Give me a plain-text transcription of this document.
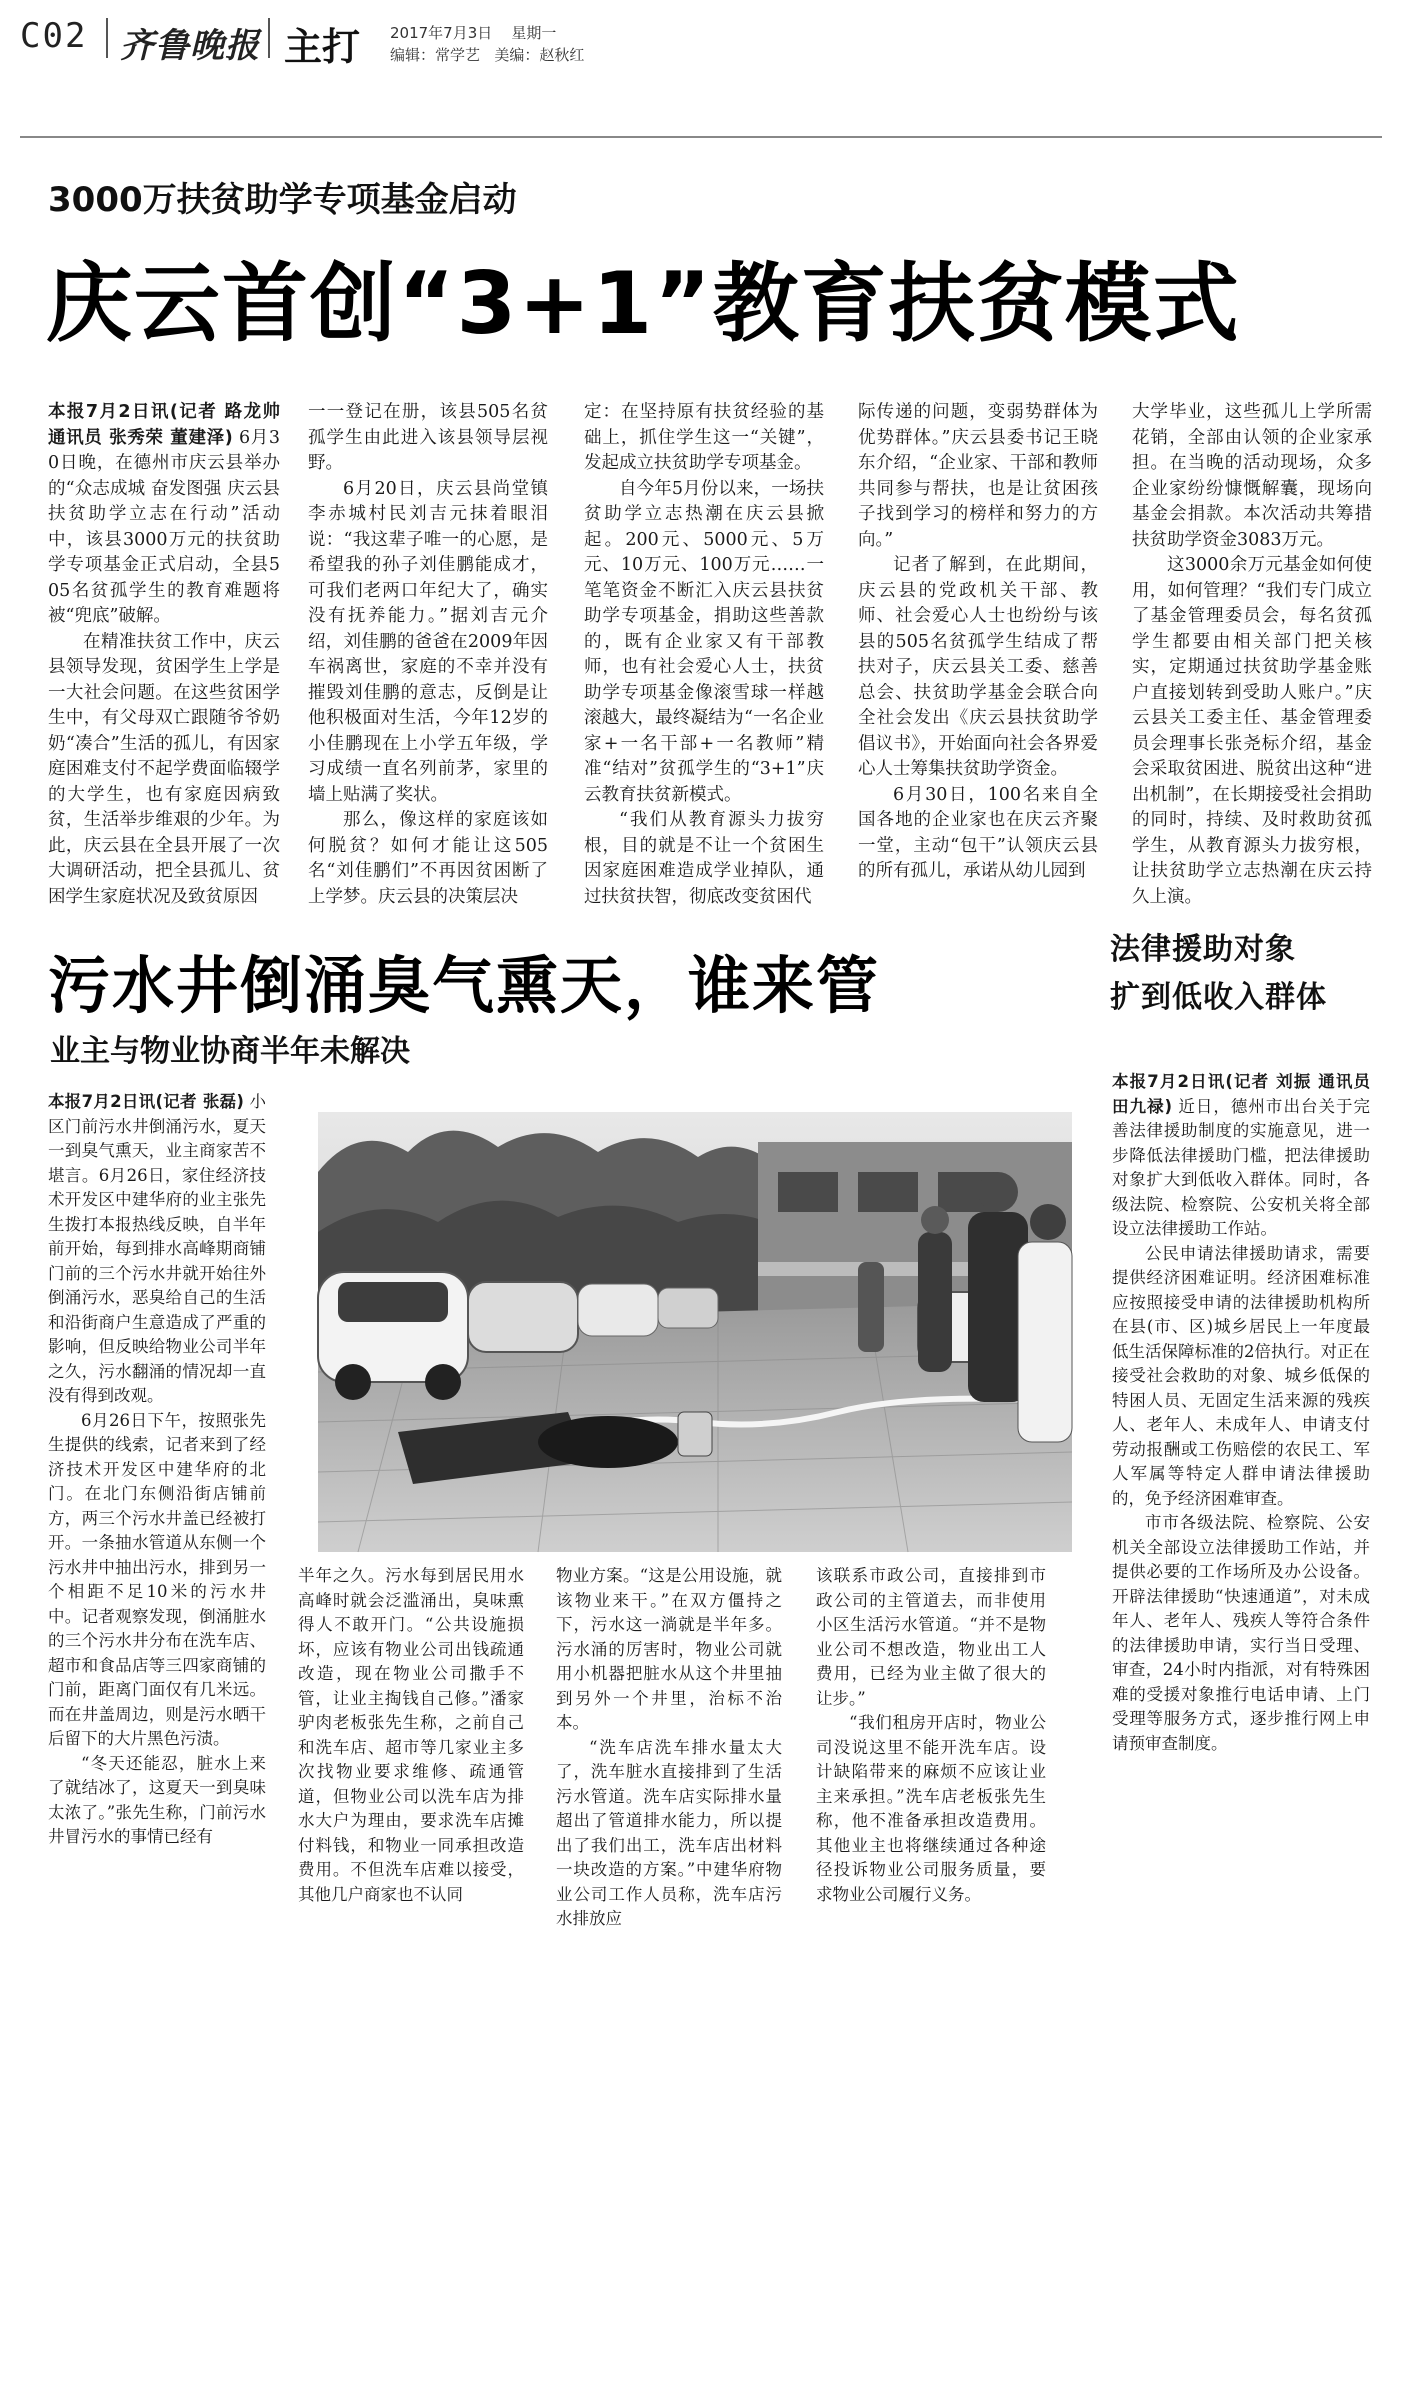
C02 齐鲁晚报 主打 2017年7月3日 星期一
编辑：常学艺 美编：赵秋红
3000万扶贫助学专项基金启动
庆云首创“3+1”教育扶贫模式

本报7月2日讯(记者 路龙帅 通讯员 张秀荣 董建泽) 6月30日晚，在德州市庆云县举办的“众志成城 奋发图强 庆云县扶贫助学立志在行动”活动中，该县3000万元的扶贫助学专项基金正式启动，全县505名贫孤学生的教育难题将被“兜底”破解。

在精准扶贫工作中，庆云县领导发现，贫困学生上学是一大社会问题。在这些贫困学生中，有父母双亡跟随爷爷奶奶“凑合”生活的孤儿，有因家庭困难支付不起学费面临辍学的大学生，也有家庭因病致贫，生活举步维艰的少年。为此，庆云县在全县开展了一次大调研活动，把全县孤儿、贫困学生家庭状况及致贫原因

一一登记在册，该县505名贫孤学生由此进入该县领导层视野。

6月20日，庆云县尚堂镇李赤城村民刘吉元抹着眼泪说：“我这辈子唯一的心愿，是希望我的孙子刘佳鹏能成才，可我们老两口年纪大了，确实没有抚养能力。”据刘吉元介绍，刘佳鹏的爸爸在2009年因车祸离世，家庭的不幸并没有摧毁刘佳鹏的意志，反倒是让他积极面对生活，今年12岁的小佳鹏现在上小学五年级，学习成绩一直名列前茅，家里的墙上贴满了奖状。

那么，像这样的家庭该如何脱贫？如何才能让这505名“刘佳鹏们”不再因贫困断了上学梦。庆云县的决策层决

定：在坚持原有扶贫经验的基础上，抓住学生这一“关键”，发起成立扶贫助学专项基金。

自今年5月份以来，一场扶贫助学立志热潮在庆云县掀起。200元、5000元、5万元、10万元、100万元……一笔笔资金不断汇入庆云县扶贫助学专项基金，捐助这些善款的，既有企业家又有干部教师，也有社会爱心人士，扶贫助学专项基金像滚雪球一样越滚越大，最终凝结为“一名企业家+一名干部+一名教师”精准“结对”贫孤学生的“3+1”庆云教育扶贫新模式。

“我们从教育源头力拔穷根，目的就是不让一个贫困生因家庭困难造成学业掉队，通过扶贫扶智，彻底改变贫困代

际传递的问题，变弱势群体为优势群体。”庆云县委书记王晓东介绍，“企业家、干部和教师共同参与帮扶，也是让贫困孩子找到学习的榜样和努力的方向。”

记者了解到，在此期间，庆云县的党政机关干部、教师、社会爱心人士也纷纷与该县的505名贫孤学生结成了帮扶对子，庆云县关工委、慈善总会、扶贫助学基金会联合向全社会发出《庆云县扶贫助学倡议书》，开始面向社会各界爱心人士筹集扶贫助学资金。

6月30日，100名来自全国各地的企业家也在庆云齐聚一堂，主动“包干”认领庆云县的所有孤儿，承诺从幼儿园到

大学毕业，这些孤儿上学所需花销，全部由认领的企业家承担。在当晚的活动现场，众多企业家纷纷慷慨解囊，现场向基金会捐款。本次活动共筹措扶贫助学资金3083万元。

这3000余万元基金如何使用，如何管理？“我们专门成立了基金管理委员会，每名贫孤学生都要由相关部门把关核实，定期通过扶贫助学基金账户直接划转到受助人账户。”庆云县关工委主任、基金管理委员会理事长张尧标介绍，基金会采取贫困进、脱贫出这种“进出机制”，在长期接受社会捐助的同时，持续、及时救助贫孤学生，从教育源头力拔穷根，让扶贫助学立志热潮在庆云持久上演。

污水井倒涌臭气熏天，谁来管
业主与物业协商半年未解决

本报7月2日讯(记者 张磊) 小区门前污水井倒涌污水，夏天一到臭气熏天，业主商家苦不堪言。6月26日，家住经济技术开发区中建华府的业主张先生拨打本报热线反映，自半年前开始，每到排水高峰期商铺门前的三个污水井就开始往外倒涌污水，恶臭给自己的生活和沿街商户生意造成了严重的影响，但反映给物业公司半年之久，污水翻涌的情况却一直没有得到改观。

6月26日下午，按照张先生提供的线索，记者来到了经济技术开发区中建华府的北门。在北门东侧沿街店铺前方，两三个污水井盖已经被打开。一条抽水管道从东侧一个污水井中抽出污水，排到另一个相距不足10米的污水井中。记者观察发现，倒涌脏水的三个污水井分布在洗车店、超市和食品店等三四家商铺的门前，距离门面仅有几米远。而在井盖周边，则是污水晒干后留下的大片黑色污渍。

“冬天还能忍，脏水上来了就结冰了，这夏天一到臭味太浓了。”张先生称，门前污水井冒污水的事情已经有

半年之久。污水每到居民用水高峰时就会泛滥涌出，臭味熏得人不敢开门。“公共设施损坏，应该有物业公司出钱疏通改造，现在物业公司撒手不管，让业主掏钱自己修。”潘家驴肉老板张先生称，之前自己和洗车店、超市等几家业主多次找物业要求维修、疏通管道，但物业公司以洗车店为排水大户为理由，要求洗车店摊付料钱，和物业一同承担改造费用。不但洗车店难以接受，其他几户商家也不认同

物业方案。“这是公用设施，就该物业来干。”在双方僵持之下，污水这一淌就是半年多。污水涌的厉害时，物业公司就用小机器把脏水从这个井里抽到另外一个井里，治标不治本。

“洗车店洗车排水量太大了，洗车脏水直接排到了生活污水管道。洗车店实际排水量超出了管道排水能力，所以提出了我们出工，洗车店出材料一块改造的方案。”中建华府物业公司工作人员称，洗车店污水排放应

该联系市政公司，直接排到市政公司的主管道去，而非使用小区生活污水管道。“并不是物业公司不想改造，物业出工人费用，已经为业主做了很大的让步。”

“我们租房开店时，物业公司没说这里不能开洗车店。设计缺陷带来的麻烦不应该让业主来承担。”洗车店老板张先生称，他不准备承担改造费用。其他业主也将继续通过各种途径投诉物业公司服务质量，要求物业公司履行义务。

法律援助对象
扩到低收入群体

本报7月2日讯(记者 刘振 通讯员 田九禄) 近日，德州市出台关于完善法律援助制度的实施意见，进一步降低法律援助门槛，把法律援助对象扩大到低收入群体。同时，各级法院、检察院、公安机关将全部设立法律援助工作站。

公民申请法律援助请求，需要提供经济困难证明。经济困难标准应按照接受申请的法律援助机构所在县(市、区)城乡居民上一年度最低生活保障标准的2倍执行。对正在接受社会救助的对象、城乡低保的特困人员、无固定生活来源的残疾人、老年人、未成年人、申请支付劳动报酬或工伤赔偿的农民工、军人军属等特定人群申请法律援助的，免予经济困难审查。

市市各级法院、检察院、公安机关全部设立法律援助工作站，并提供必要的工作场所及办公设备。开辟法律援助“快速通道”，对未成年人、老年人、残疾人等符合条件的法律援助申请，实行当日受理、审查，24小时内指派，对有特殊困难的受援对象推行电话申请、上门受理等服务方式，逐步推行网上申请预审查制度。
